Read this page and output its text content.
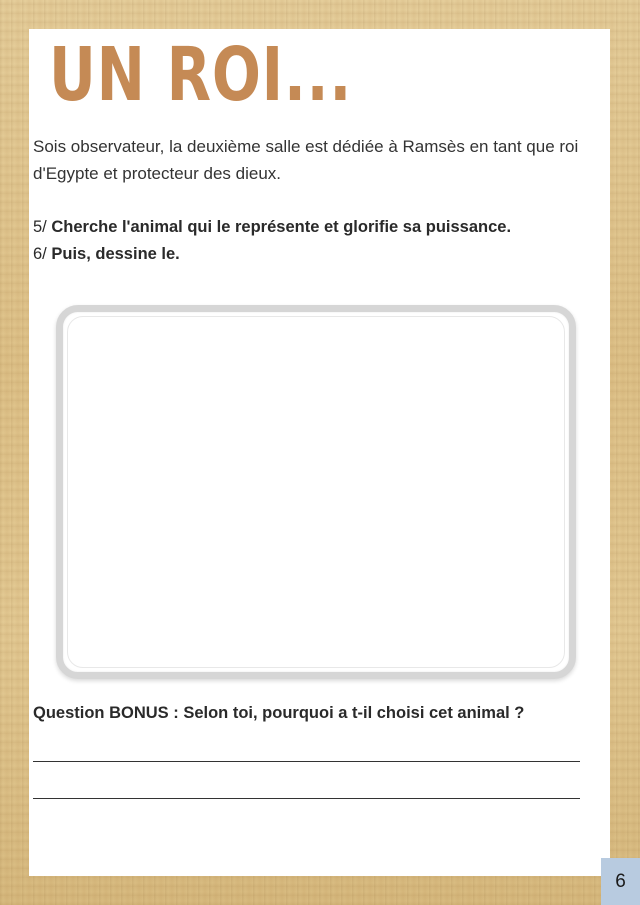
UN ROI...

Sois observateur, la deuxième salle est dédiée à Ramsès en tant que roi d'Egypte et protecteur des dieux.

5/ Cherche l'animal qui le représente et glorifie sa puissance.

6/ Puis, dessine le.

Question BONUS : Selon toi, pourquoi a t-il choisi cet animal ?

6
